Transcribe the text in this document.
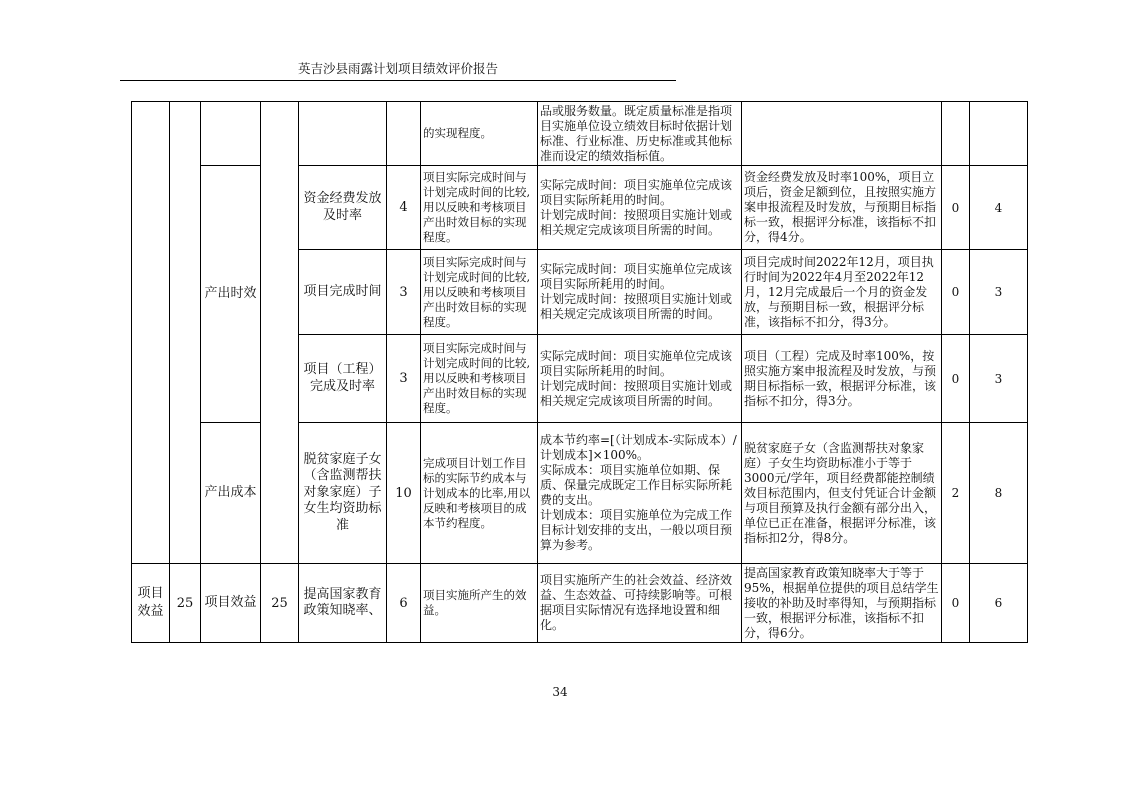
英吉沙县雨露计划项目绩效评价报告
						的实现程度。	品或服务数量。既定质量标准是指项目实施单位设立绩效目标时依据计划标准、行业标准、历史标准或其他标准而设定的绩效指标值。			
		产出时效		资金经费发放及时率	4	项目实际完成时间与计划完成时间的比较,用以反映和考核项目产出时效目标的实现程度。	实际完成时间：项目实施单位完成该项目实际所耗用的时间。
计划完成时间：按照项目实施计划或相关规定完成该项目所需的时间。	资金经费发放及时率100%，项目立项后，资金足额到位，且按照实施方案申报流程及时发放，与预期目标指标一致，根据评分标准，该指标不扣分，得4分。	0	4
				项目完成时间	3	项目实际完成时间与计划完成时间的比较,用以反映和考核项目产出时效目标的实现程度。	实际完成时间：项目实施单位完成该项目实际所耗用的时间。
计划完成时间：按照项目实施计划或相关规定完成该项目所需的时间。	项目完成时间2022年12月，项目执行时间为2022年4月至2022年12月，12月完成最后一个月的资金发放，与预期目标一致，根据评分标准，该指标不扣分，得3分。	0	3
				项目（工程）完成及时率	3	项目实际完成时间与计划完成时间的比较,用以反映和考核项目产出时效目标的实现程度。	实际完成时间：项目实施单位完成该项目实际所耗用的时间。
计划完成时间：按照项目实施计划或相关规定完成该项目所需的时间。	项目（工程）完成及时率100%，按照实施方案申报流程及时发放，与预期目标指标一致，根据评分标准，该指标不扣分，得3分。	0	3
		产出成本		脱贫家庭子女（含监测帮扶对象家庭）子女生均资助标准	10	完成项目计划工作目标的实际节约成本与计划成本的比率,用以反映和考核项目的成本节约程度。	成本节约率=[（计划成本-实际成本）/计划成本]×100%。
实际成本：项目实施单位如期、保质、保量完成既定工作目标实际所耗费的支出。
计划成本：项目实施单位为完成工作目标计划安排的支出，一般以项目预算为参考。	脱贫家庭子女（含监测帮扶对象家庭）子女生均资助标准小于等于3000元/学年，项目经费都能控制绩效目标范围内，但支付凭证合计金额与项目预算及执行金额有部分出入，单位已正在准备，根据评分标准，该指标扣2分，得8分。	2	8
项目效益	25	项目效益	25	提高国家教育政策知晓率、	6	项目实施所产生的效益。	项目实施所产生的社会效益、经济效益、生态效益、可持续影响等。可根据项目实际情况有选择地设置和细化。	提高国家教育政策知晓率大于等于95%，根据单位提供的项目总结学生接收的补助及时率得知，与预期指标一致，根据评分标准，该指标不扣分，得6分。	0	6
34
